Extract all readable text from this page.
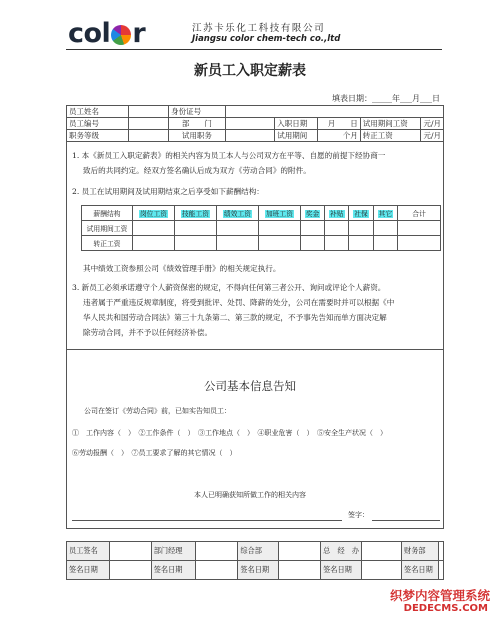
col r	江苏卡乐化工科技有限公司
Jiangsu color chem-tech co.,ltd
新员工入职定薪表
填表日期：_____年___月___日
员工姓名		身份证号					
员工编号		部　　门		入职日期	月　　日	试用期间工资	元/月
职务等级		试用职务		试用期间	个月	转正工资	元/月
1. 本《新员工入职定薪表》的相关内容为员工本人与公司双方在平等、自愿的前提下经协商一
致后的共同约定。经双方签名确认后成为双方《劳动合同》的附件。
2. 员工在试用期间及试用期结束之后享受如下薪酬结构：
薪酬结构	岗位工资	技能工资	绩效工资	加班工资	奖金	补贴	社保	其它	合计
试用期间工资									
转正工资									
其中绩效工资参照公司《绩效管理手册》的相关规定执行。
3. 新员工必须承诺遵守个人薪资保密的规定，不得向任何第三者公开、询问或评论个人薪资。
违者属于严重违反规章制度，将受到批评、处罚、降薪的处分，公司在需要时并可以根据《中
华人民共和国劳动合同法》第三十九条第二、第三款的规定，不予事先告知而单方面决定解
除劳动合同，并不予以任何经济补偿。
公司基本信息告知
公司在签订《劳动合同》前，已如实告知员工：
①　工作内容（　）　②工作条件（　）　③工作地点（　）　④职业危害（　）　⑤安全生产状况（　）
⑥劳动报酬（　）　⑦员工要求了解的其它情况（　）
本人已明确获知所做工作的相关内容
签字：
员工签名		部门经理		综合部		总　经　办		财务部	
签名日期		签名日期		签名日期		签名日期		签名日期	
织梦内容管理系统
DEDECMS.COM
